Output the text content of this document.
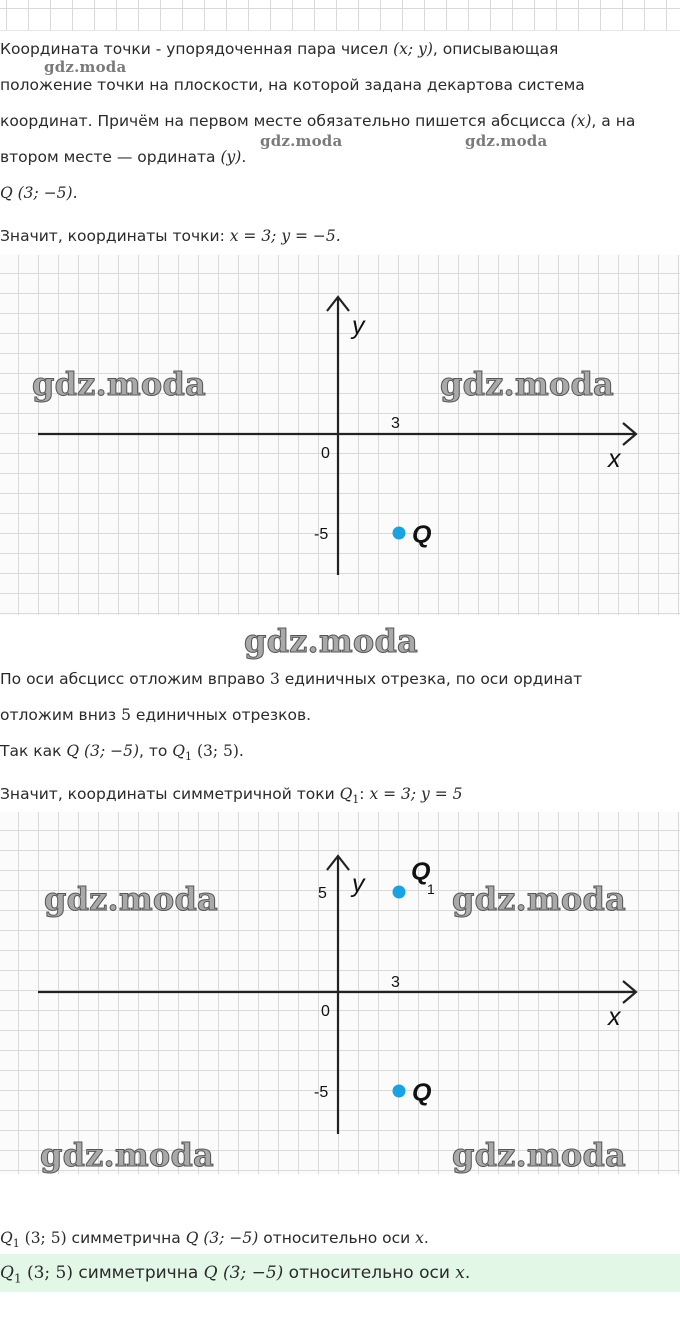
Координата точки - упорядоченная пара чисел (x; y), описывающая
положение точки на плоскости, на которой задана декартова система
координат. Причём на первом месте обязательно пишется абсцисса (x), а на
втором месте — ордината (y).
Q (3; −5).
gdz.moda
gdz.moda	gdz.moda
Значит, координаты точки: x = 3; y = −5.
y
x
0
3
-5	Q
gdz.moda	gdz.moda
gdz.moda
По оси абсцисс отложим вправо 3 единичных отрезка, по оси ординат
отложим вниз 5 единичных отрезков.
Так как Q (3; −5), то $Q_1$ (3; 5).
Значит, координаты симметричной токи $Q_1$: x = 3; y = 5
y
x
0
3
5
-5
Q
1
Q
gdz.moda	gdz.moda
gdz.moda	gdz.moda
$Q_1$ (3; 5) симметрична Q (3; −5) относительно оси x.
$Q_1$ (3; 5) симметрична Q (3; −5) относительно оси x.
